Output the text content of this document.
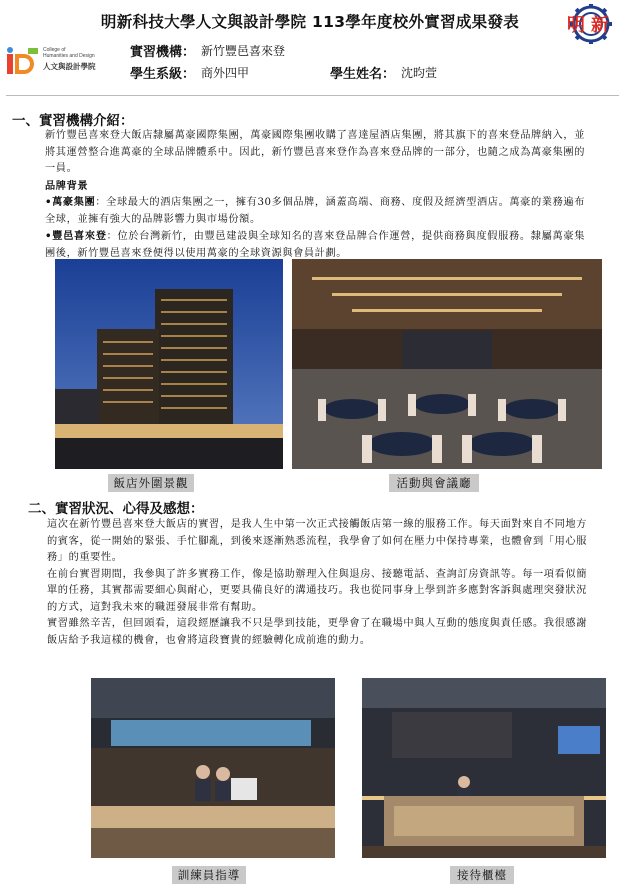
明新科技大學人文與設計學院 113學年度校外實習成果發表
College of
Humanities and Design
人文與設計學院
明新
實習機構： 新竹豐邑喜來登
學生系級： 商外四甲	學生姓名： 沈昀萱
一、實習機構介紹：

新竹豐邑喜來登大飯店隸屬萬豪國際集團，萬豪國際集團收購了喜達屋酒店集團，將其旗下的喜來登品牌納入，並將其運營整合進萬豪的全球品牌體系中。因此，新竹豐邑喜來登作為喜來登品牌的一部分，也隨之成為萬豪集團的一員。

品牌背景

•萬豪集團：全球最大的酒店集團之一，擁有30多個品牌，涵蓋高端、商務、度假及經濟型酒店。萬豪的業務遍布全球，並擁有強大的品牌影響力與市場份額。

•豐邑喜來登：位於台灣新竹，由豐邑建設與全球知名的喜來登品牌合作運營，提供商務與度假服務。隸屬萬豪集團後，新竹豐邑喜來登便得以使用萬豪的全球資源與會員計劃。

飯店外圍景觀	活動與會議廳
二、實習狀況、心得及感想：

這次在新竹豐邑喜來登大飯店的實習，是我人生中第一次正式接觸飯店第一線的服務工作。每天面對來自不同地方的賓客，從一開始的緊張、手忙腳亂，到後來逐漸熟悉流程，我學會了如何在壓力中保持專業，也體會到「用心服務」的重要性。

在前台實習期間，我參與了許多實務工作，像是協助辦理入住與退房、接聽電話、查詢訂房資訊等。每一項看似簡單的任務，其實都需要細心與耐心，更要具備良好的溝通技巧。我也從同事身上學到許多應對客訴與處理突發狀況的方式，這對我未來的職涯發展非常有幫助。

實習雖然辛苦，但回頭看，這段經歷讓我不只是學到技能，更學會了在職場中與人互動的態度與責任感。我很感謝飯店給予我這樣的機會，也會將這段寶貴的經驗轉化成前進的動力。

訓練員指導	接待櫃檯
